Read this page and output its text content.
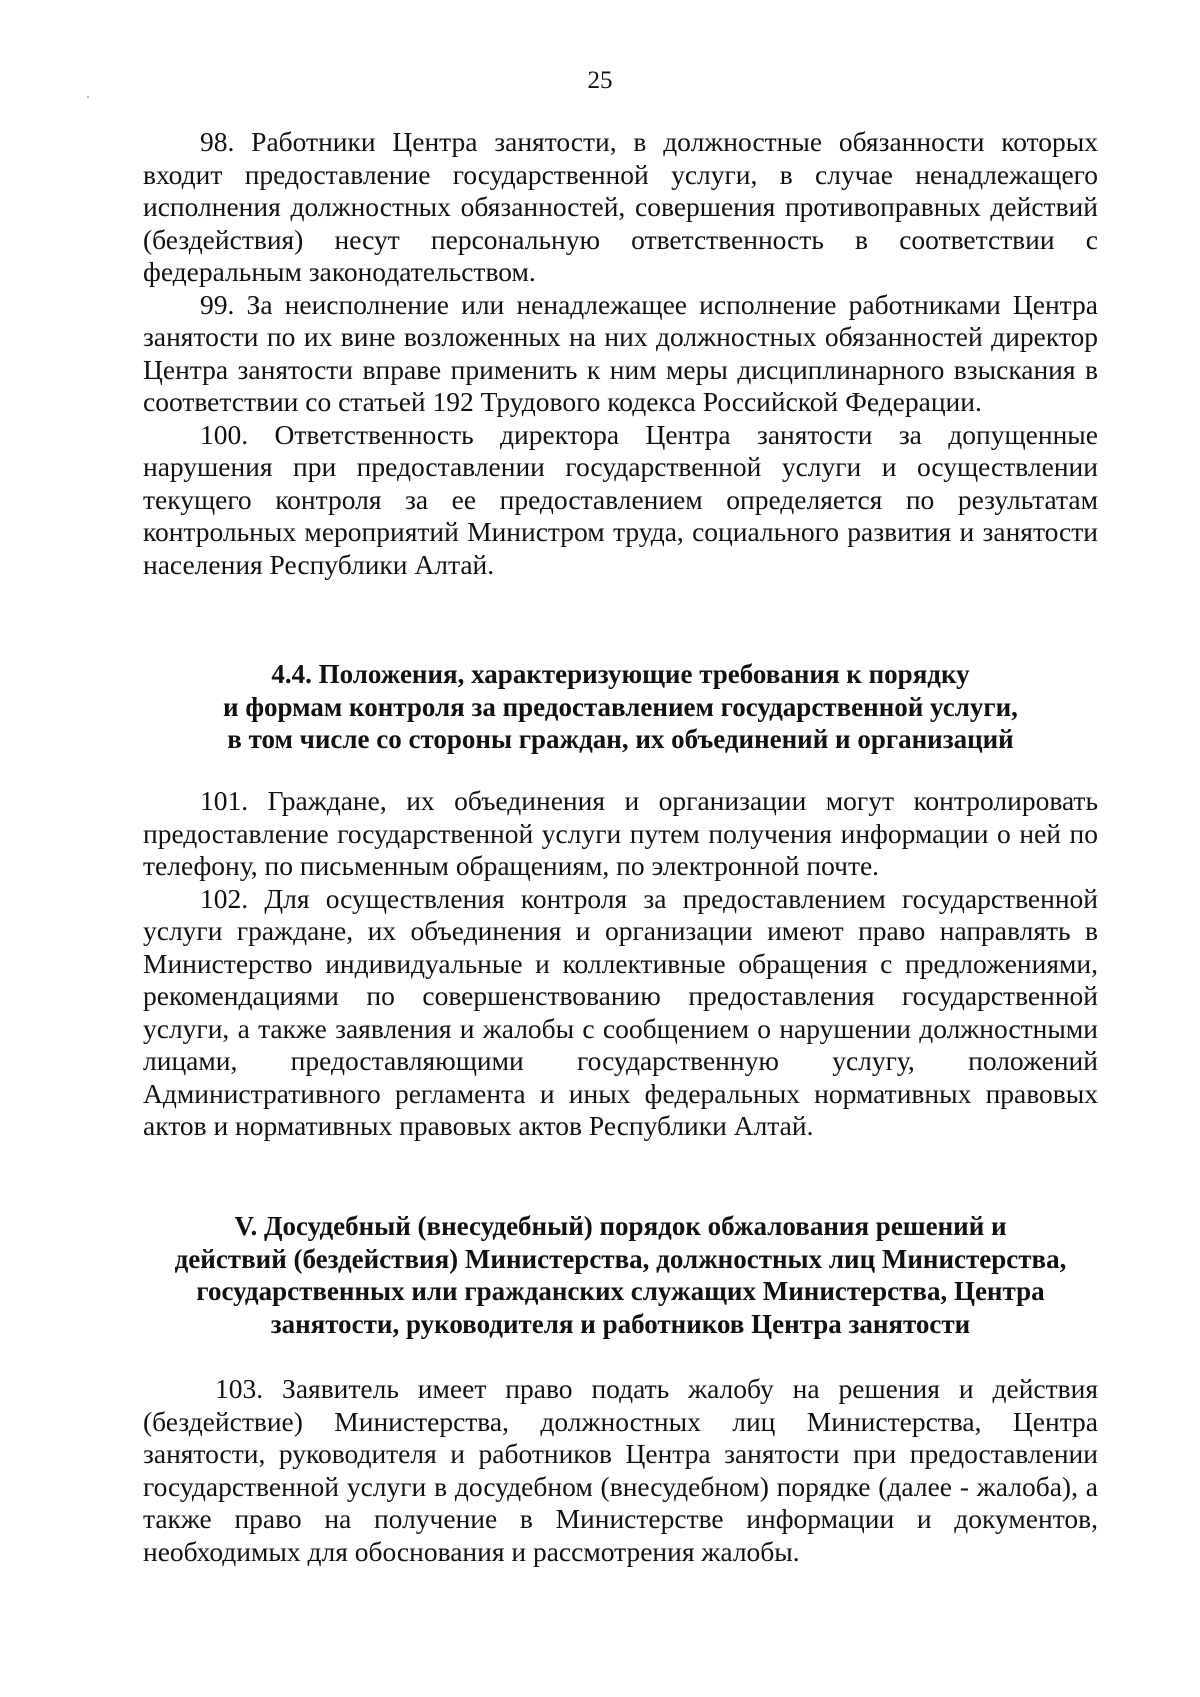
25

98. Работники Центра занятости, в должностные обязанности которых входит предоставление государственной услуги, в случае ненадлежащего исполнения должностных обязанностей, совершения противоправных действий (бездействия) несут персональную ответственность в соответствии с федеральным законодательством.

99. За неисполнение или ненадлежащее исполнение работниками Центра занятости по их вине возложенных на них должностных обязанностей директор Центра занятости вправе применить к ним меры дисциплинарного взыскания в соответствии со статьей 192 Трудового кодекса Российской Федерации.

100. Ответственность директора Центра занятости за допущенные нарушения при предоставлении государственной услуги и осуществлении текущего контроля за ее предоставлением определяется по результатам контрольных мероприятий Министром труда, социального развития и занятости населения Республики Алтай.

4.4. Положения, характеризующие требования к порядку
и формам контроля за предоставлением государственной услуги,
в том числе со стороны граждан, их объединений и организаций

101. Граждане, их объединения и организации могут контролировать предоставление государственной услуги путем получения информации о ней по телефону, по письменным обращениям, по электронной почте.

102. Для осуществления контроля за предоставлением государственной услуги граждане, их объединения и организации имеют право направлять в Министерство индивидуальные и коллективные обращения с предложениями, рекомендациями по совершенствованию предоставления государственной услуги, а также заявления и жалобы с сообщением о нарушении должностными лицами, предоставляющими государственную услугу, положений Административного регламента и иных федеральных нормативных правовых актов и нормативных правовых актов Республики Алтай.

V. Досудебный (внесудебный) порядок обжалования решений и
действий (бездействия) Министерства, должностных лиц Министерства,
государственных или гражданских служащих Министерства, Центра
занятости, руководителя и работников Центра занятости

103. Заявитель имеет право подать жалобу на решения и действия (бездействие) Министерства, должностных лиц Министерства, Центра занятости, руководителя и работников Центра занятости при предоставлении государственной услуги в досудебном (внесудебном) порядке (далее - жалоба), а также право на получение в Министерстве информации и документов, необходимых для обоснования и рассмотрения жалобы.
